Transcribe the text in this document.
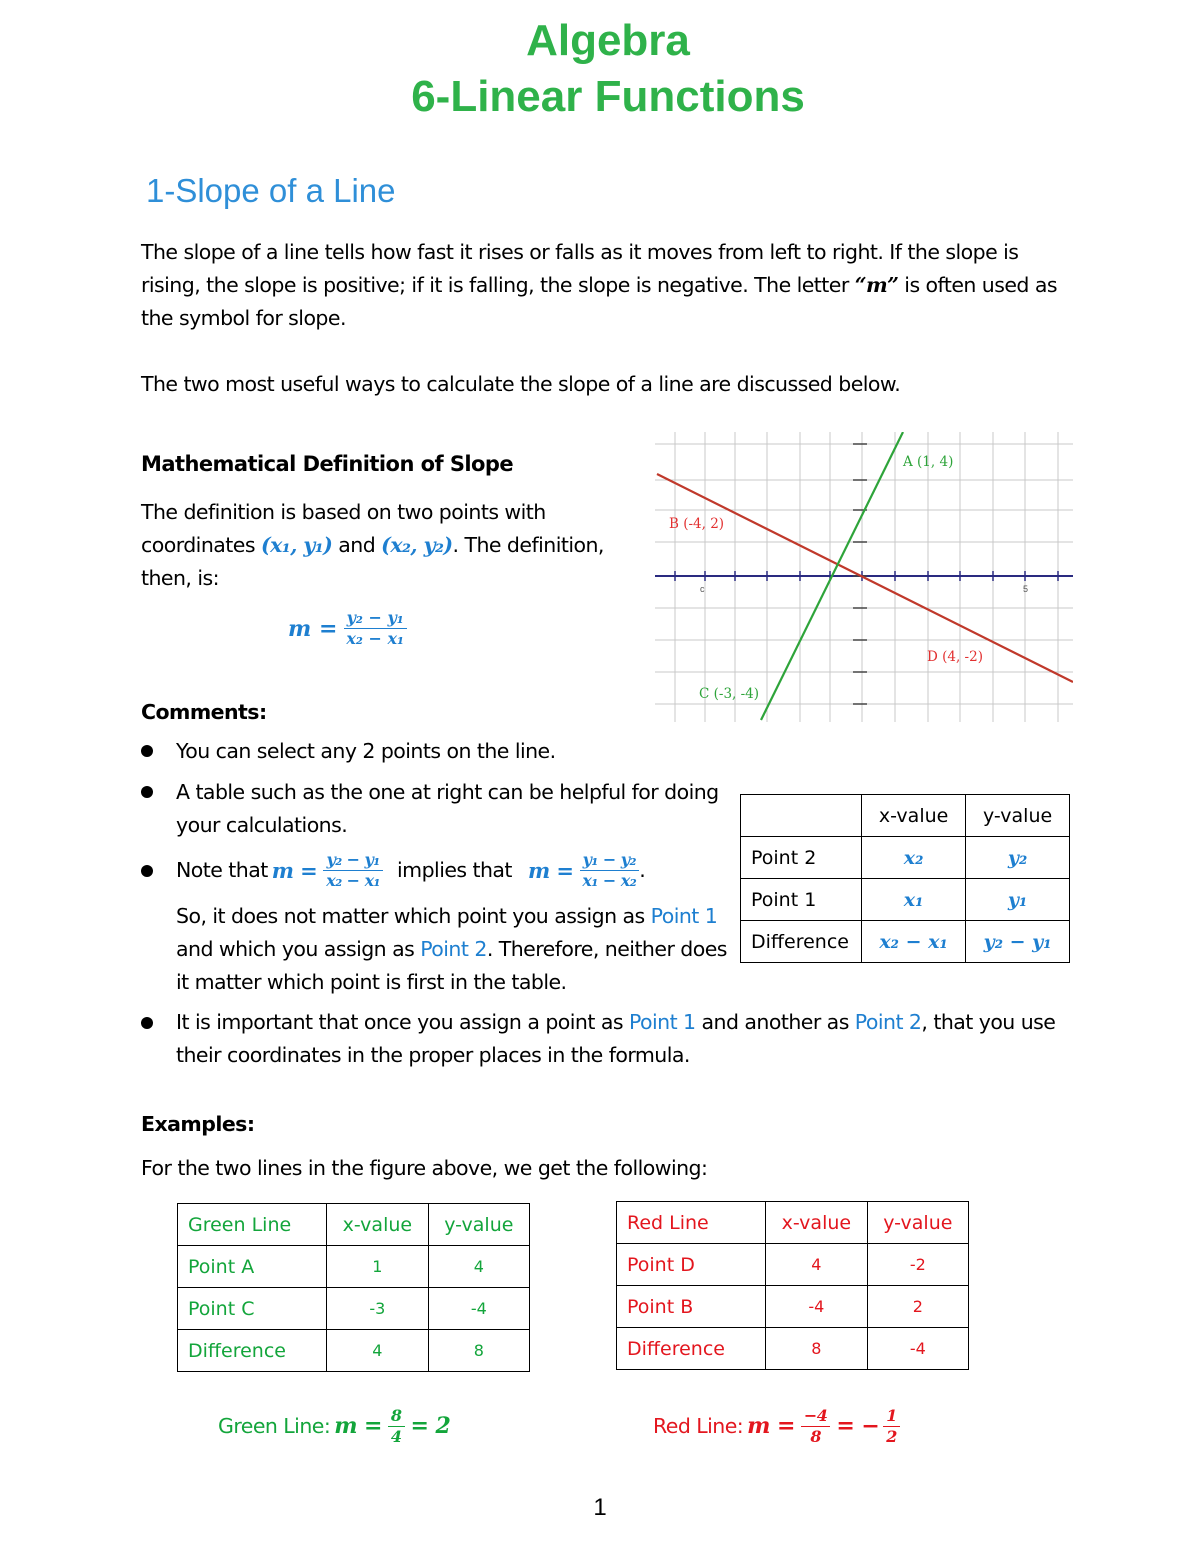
Algebra
6-Linear Functions
1-Slope of a Line
The slope of a line tells how fast it rises or falls as it moves from left to right. If the slope is
rising, the slope is positive; if it is falling, the slope is negative. The letter “m” is often used as
the symbol for slope.
The two most useful ways to calculate the slope of a line are discussed below.
Mathematical Definition of Slope
The definition is based on two points with
coordinates (x₁, y₁) and (x₂, y₂). The definition,
then, is:
$m = \frac{\text{y₂ − y₁}}{\text{x₂ − x₁}}$
A (1, 4)
B (-4, 2)
C (-3, -4)
D (4, -2)
c	5
Comments:
You can select any 2 points on the line.
A table such as the one at right can be helpful for doing
your calculations.
Note that $m = \frac{\text{y₂ − y₁}}{\text{x₂ − x₁}}$ implies that $m = \frac{\text{y₁ − y₂}}{\text{x₁ − x₂}}$ .
So, it does not matter which point you assign as Point 1
and which you assign as Point 2. Therefore, neither does
it matter which point is first in the table.
It is important that once you assign a point as Point 1 and another as Point 2, that you use
their coordinates in the proper places in the formula.
	x-value	y-value
Point 2	x₂	y₂
Point 1	x₁	y₁
Difference	x₂ − x₁	y₂ − y₁
Examples:
For the two lines in the figure above, we get the following:
Green Line	x-value	y-value
Point A	1	4
Point C	-3	-4
Difference	4	8
Red Line	x-value	y-value
Point D	4	-2
Point B	-4	2
Difference	8	-4
Green Line: $m = \frac{8}{4} = 2$	Red Line: $m = \frac{-4}{8}$ = − $\frac{1}{2}$
1
